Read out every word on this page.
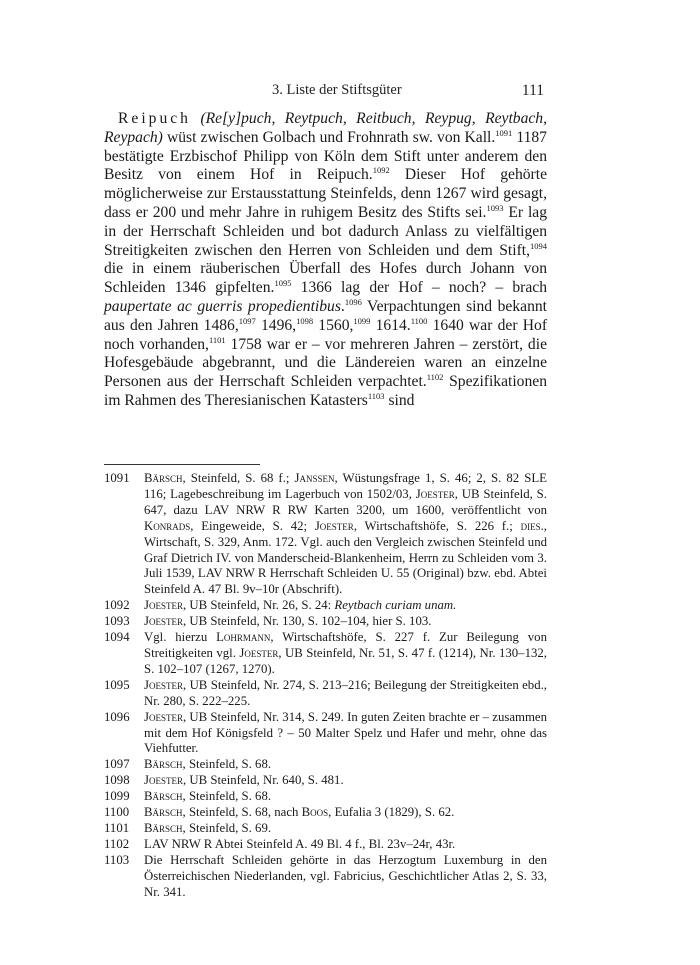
3. Liste der Stiftsgüter	111

Reipuch (Re[y]puch, Reytpuch, Reitbuch, Reypug, Reytbach, Reypach) wüst zwischen Golbach und Frohnrath sw. von Kall.$^{1091}$ 1187 bestätigte Erzbischof Philipp von Köln dem Stift unter anderem den Besitz von einem Hof in Reipuch.$^{1092}$ Dieser Hof gehörte möglicherweise zur Erstausstattung Steinfelds, denn 1267 wird gesagt, dass er 200 und mehr Jahre in ruhigem Besitz des Stifts sei.$^{1093}$ Er lag in der Herrschaft Schleiden und bot dadurch Anlass zu vielfältigen Streitigkeiten zwischen den Herren von Schleiden und dem Stift,$^{1094}$ die in einem räuberischen Überfall des Hofes durch Johann von Schleiden 1346 gipfelten.$^{1095}$ 1366 lag der Hof – noch? – brach paupertate ac guerris propedientibus.$^{1096}$ Verpachtungen sind bekannt aus den Jahren 1486,$^{1097}$ 1496,$^{1098}$ 1560,$^{1099}$ 1614.$^{1100}$ 1640 war der Hof noch vorhanden,$^{1101}$ 1758 war er – vor mehreren Jahren – zerstört, die Hofesgebäude abgebrannt, und die Ländereien waren an einzelne Personen aus der Herrschaft Schleiden verpachtet.$^{1102}$ Spezifikationen im Rahmen des Theresianischen Katasters$^{1103}$ sind

1091	Bärsch, Steinfeld, S. 68 f.; Janssen, Wüstungsfrage 1, S. 46; 2, S. 82 SLE 116; Lagebeschreibung im Lagerbuch von 1502/03, Joester, UB Steinfeld, S. 647, dazu LAV NRW R RW Karten 3200, um 1600, veröffentlicht von Konrads, Eingeweide, S. 42; Joester, Wirtschaftshöfe, S. 226 f.; dies., Wirtschaft, S. 329, Anm. 172. Vgl. auch den Vergleich zwischen Steinfeld und Graf Dietrich IV. von Manderscheid-Blankenheim, Herrn zu Schleiden vom 3. Juli 1539, LAV NRW R Herrschaft Schleiden U. 55 (Original) bzw. ebd. Abtei Steinfeld A. 47 Bl. 9v–10r (Abschrift).
1092	Joester, UB Steinfeld, Nr. 26, S. 24: Reytbach curiam unam.
1093	Joester, UB Steinfeld, Nr. 130, S. 102–104, hier S. 103.
1094	Vgl. hierzu Lohrmann, Wirtschaftshöfe, S. 227 f. Zur Beilegung von Streitigkeiten vgl. Joester, UB Steinfeld, Nr. 51, S. 47 f. (1214), Nr. 130–132, S. 102–107 (1267, 1270).
1095	Joester, UB Steinfeld, Nr. 274, S. 213–216; Beilegung der Streitigkeiten ebd., Nr. 280, S. 222–225.
1096	Joester, UB Steinfeld, Nr. 314, S. 249. In guten Zeiten brachte er – zusammen mit dem Hof Königsfeld ? – 50 Malter Spelz und Hafer und mehr, ohne das Viehfutter.
1097	Bärsch, Steinfeld, S. 68.
1098	Joester, UB Steinfeld, Nr. 640, S. 481.
1099	Bärsch, Steinfeld, S. 68.
1100	Bärsch, Steinfeld, S. 68, nach Boos, Eufalia 3 (1829), S. 62.
1101	Bärsch, Steinfeld, S. 69.
1102	LAV NRW R Abtei Steinfeld A. 49 Bl. 4 f., Bl. 23v–24r, 43r.
1103	Die Herrschaft Schleiden gehörte in das Herzogtum Luxemburg in den Österreichischen Niederlanden, vgl. Fabricius, Geschichtlicher Atlas 2, S. 33, Nr. 341.
